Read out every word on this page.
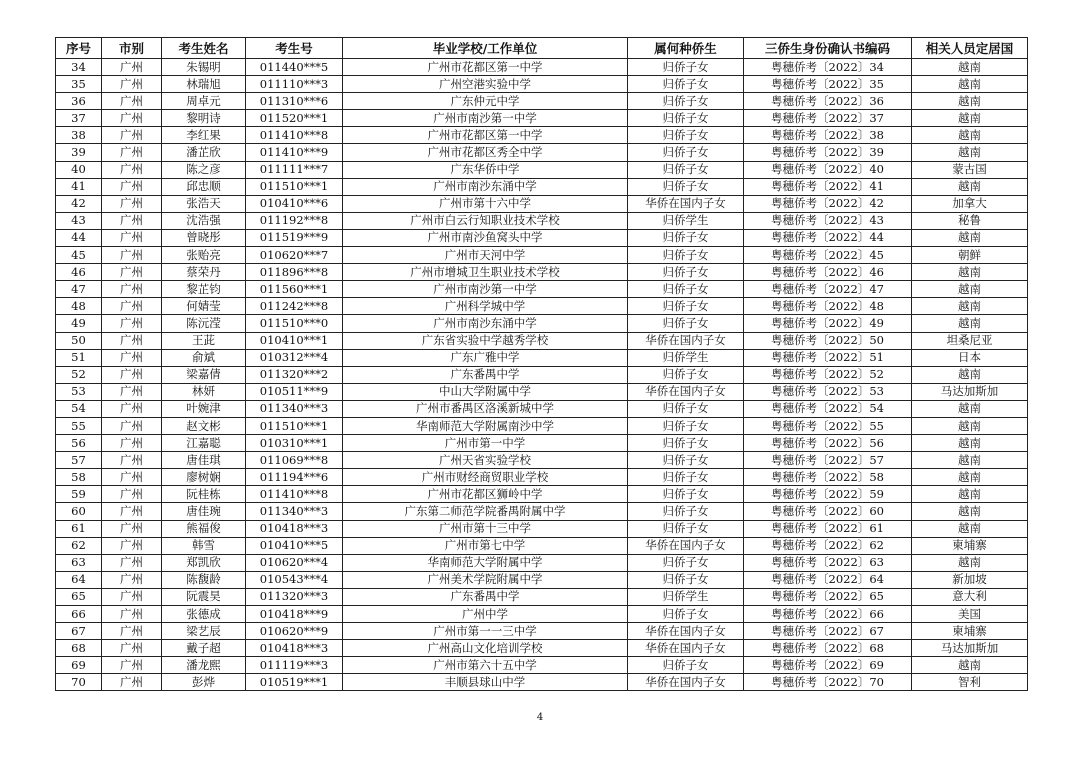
序号	市别	考生姓名	考生号	毕业学校/工作单位	属何种侨生	三侨生身份确认书编码	相关人员定居国
34	广州	朱锡明	011440***5	广州市花都区第一中学	归侨子女	粤穗侨考〔2022〕34	越南
35	广州	林瑞旭	011110***3	广州空港实验中学	归侨子女	粤穗侨考〔2022〕35	越南
36	广州	周卓元	011310***6	广东仲元中学	归侨子女	粤穗侨考〔2022〕36	越南
37	广州	黎明诗	011520***1	广州市南沙第一中学	归侨子女	粤穗侨考〔2022〕37	越南
38	广州	李红果	011410***8	广州市花都区第一中学	归侨子女	粤穗侨考〔2022〕38	越南
39	广州	潘芷欣	011410***9	广州市花都区秀全中学	归侨子女	粤穗侨考〔2022〕39	越南
40	广州	陈之彦	011111***7	广东华侨中学	归侨子女	粤穗侨考〔2022〕40	蒙古国
41	广州	邱忠顺	011510***1	广州市南沙东涌中学	归侨子女	粤穗侨考〔2022〕41	越南
42	广州	张浩天	010410***6	广州市第十六中学	华侨在国内子女	粤穗侨考〔2022〕42	加拿大
43	广州	沈浩强	011192***8	广州市白云行知职业技术学校	归侨学生	粤穗侨考〔2022〕43	秘鲁
44	广州	曾晓彤	011519***9	广州市南沙鱼窝头中学	归侨子女	粤穗侨考〔2022〕44	越南
45	广州	张贻亮	010620***7	广州市天河中学	归侨子女	粤穗侨考〔2022〕45	朝鲜
46	广州	蔡荣丹	011896***8	广州市增城卫生职业技术学校	归侨子女	粤穗侨考〔2022〕46	越南
47	广州	黎芷钧	011560***1	广州市南沙第一中学	归侨子女	粤穗侨考〔2022〕47	越南
48	广州	何婧莹	011242***8	广州科学城中学	归侨子女	粤穗侨考〔2022〕48	越南
49	广州	陈沅滢	011510***0	广州市南沙东涌中学	归侨子女	粤穗侨考〔2022〕49	越南
50	广州	王茈	010410***1	广东省实验中学越秀学校	华侨在国内子女	粤穗侨考〔2022〕50	坦桑尼亚
51	广州	俞斌	010312***4	广东广雅中学	归侨学生	粤穗侨考〔2022〕51	日本
52	广州	梁嘉倩	011320***2	广东番禺中学	归侨子女	粤穗侨考〔2022〕52	越南
53	广州	林妍	010511***9	中山大学附属中学	华侨在国内子女	粤穗侨考〔2022〕53	马达加斯加
54	广州	叶婉津	011340***3	广州市番禺区洛溪新城中学	归侨子女	粤穗侨考〔2022〕54	越南
55	广州	赵文彬	011510***1	华南师范大学附属南沙中学	归侨子女	粤穗侨考〔2022〕55	越南
56	广州	江嘉聪	010310***1	广州市第一中学	归侨子女	粤穗侨考〔2022〕56	越南
57	广州	唐佳琪	011069***8	广州天省实验学校	归侨子女	粤穗侨考〔2022〕57	越南
58	广州	廖树娴	011194***6	广州市财经商贸职业学校	归侨子女	粤穗侨考〔2022〕58	越南
59	广州	阮桂栋	011410***8	广州市花都区狮岭中学	归侨子女	粤穗侨考〔2022〕59	越南
60	广州	唐佳琬	011340***3	广东第二师范学院番禺附属中学	归侨子女	粤穗侨考〔2022〕60	越南
61	广州	熊福俊	010418***3	广州市第十三中学	归侨子女	粤穗侨考〔2022〕61	越南
62	广州	韩雪	010410***5	广州市第七中学	华侨在国内子女	粤穗侨考〔2022〕62	柬埔寨
63	广州	郑凯欣	010620***4	华南师范大学附属中学	归侨子女	粤穗侨考〔2022〕63	越南
64	广州	陈馥龄	010543***4	广州美术学院附属中学	归侨子女	粤穗侨考〔2022〕64	新加坡
65	广州	阮震昊	011320***3	广东番禺中学	归侨学生	粤穗侨考〔2022〕65	意大利
66	广州	张德成	010418***9	广州中学	归侨子女	粤穗侨考〔2022〕66	美国
67	广州	梁艺辰	010620***9	广州市第一一三中学	华侨在国内子女	粤穗侨考〔2022〕67	柬埔寨
68	广州	戴子超	010418***3	广州高山文化培训学校	华侨在国内子女	粤穗侨考〔2022〕68	马达加斯加
69	广州	潘龙熙	011119***3	广州市第六十五中学	归侨子女	粤穗侨考〔2022〕69	越南
70	广州	彭烨	010519***1	丰顺县球山中学	华侨在国内子女	粤穗侨考〔2022〕70	智利
4
